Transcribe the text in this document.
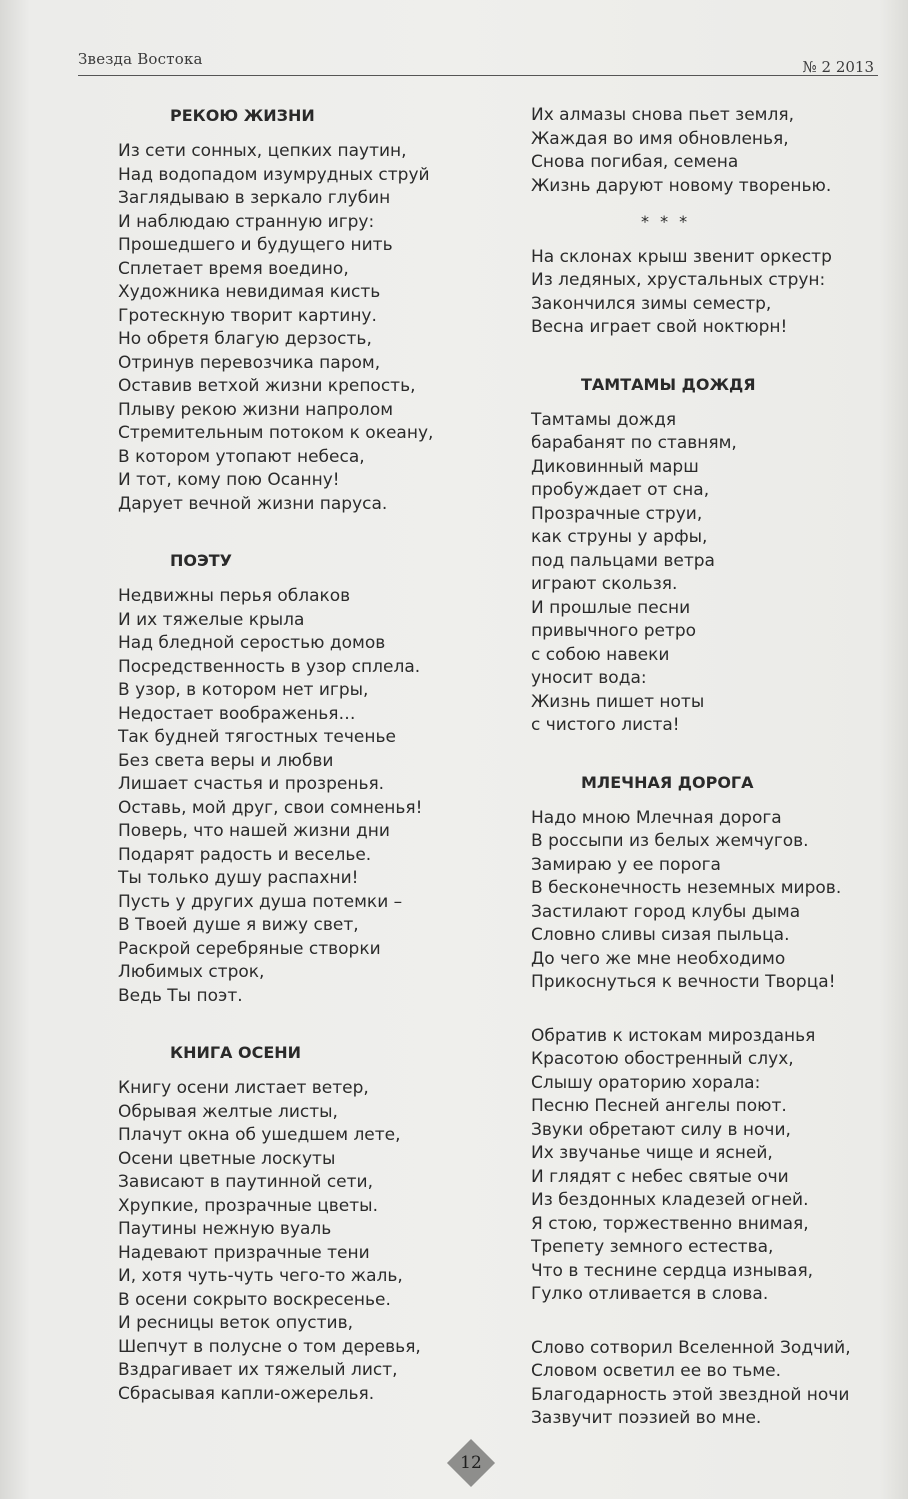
Звезда Востока	№ 2 2013
РЕКОЮ ЖИЗНИ
Из сети сонных, цепких паутин,
Над водопадом изумрудных струй
Заглядываю в зеркало глубин
И наблюдаю странную игру:
Прошедшего и будущего нить
Сплетает время воедино,
Художника невидимая кисть
Гротескную творит картину.
Но обретя благую дерзость,
Отринув перевозчика паром,
Оставив ветхой жизни крепость,
Плыву рекою жизни напролом
Стремительным потоком к океану,
В котором утопают небеса,
И тот, кому пою Осанну!
Дарует вечной жизни паруса.
ПОЭТУ
Недвижны перья облаков
И их тяжелые крыла
Над бледной серостью домов
Посредственность в узор сплела.
В узор, в котором нет игры,
Недостает воображенья…
Так будней тягостных теченье
Без света веры и любви
Лишает счастья и прозренья.
Оставь, мой друг, свои сомненья!
Поверь, что нашей жизни дни
Подарят радость и веселье.
Ты только душу распахни!
Пусть у других душа потемки –
В Твоей душе я вижу свет,
Раскрой серебряные створки
Любимых строк,
Ведь Ты поэт.
КНИГА ОСЕНИ
Книгу осени листает ветер,
Обрывая желтые листы,
Плачут окна об ушедшем лете,
Осени цветные лоскуты
Зависают в паутинной сети,
Хрупкие, прозрачные цветы.
Паутины нежную вуаль
Надевают призрачные тени
И, хотя чуть-чуть чего-то жаль,
В осени сокрыто воскресенье.
И ресницы веток опустив,
Шепчут в полусне о том деревья,
Вздрагивает их тяжелый лист,
Сбрасывая капли-ожерелья.
Их алмазы снова пьет земля,
Жаждая во имя обновленья,
Снова погибая, семена
Жизнь даруют новому творенью.
* * *
На склонах крыш звенит оркестр
Из ледяных, хрустальных струн:
Закончился зимы семестр,
Весна играет свой ноктюрн!
ТАМТАМЫ ДОЖДЯ
Тамтамы дождя
барабанят по ставням,
Диковинный марш
пробуждает от сна,
Прозрачные струи,
как струны у арфы,
под пальцами ветра
играют скользя.
И прошлые песни
привычного ретро
с собою навеки
уносит вода:
Жизнь пишет ноты
с чистого листа!
МЛЕЧНАЯ ДОРОГА
Надо мною Млечная дорога
В россыпи из белых жемчугов.
Замираю у ее порога
В бесконечность неземных миров.
Застилают город клубы дыма
Словно сливы сизая пыльца.
До чего же мне необходимо
Прикоснуться к вечности Творца!
Обратив к истокам мирозданья
Красотою обостренный слух,
Слышу ораторию хорала:
Песню Песней ангелы поют.
Звуки обретают силу в ночи,
Их звучанье чище и ясней,
И глядят с небес святые очи
Из бездонных кладезей огней.
Я стою, торжественно внимая,
Трепету земного естества,
Что в теснине сердца изнывая,
Гулко отливается в слова.
Слово сотворил Вселенной Зодчий,
Словом осветил ее во тьме.
Благодарность этой звездной ночи
Зазвучит поэзией во мне.
12
